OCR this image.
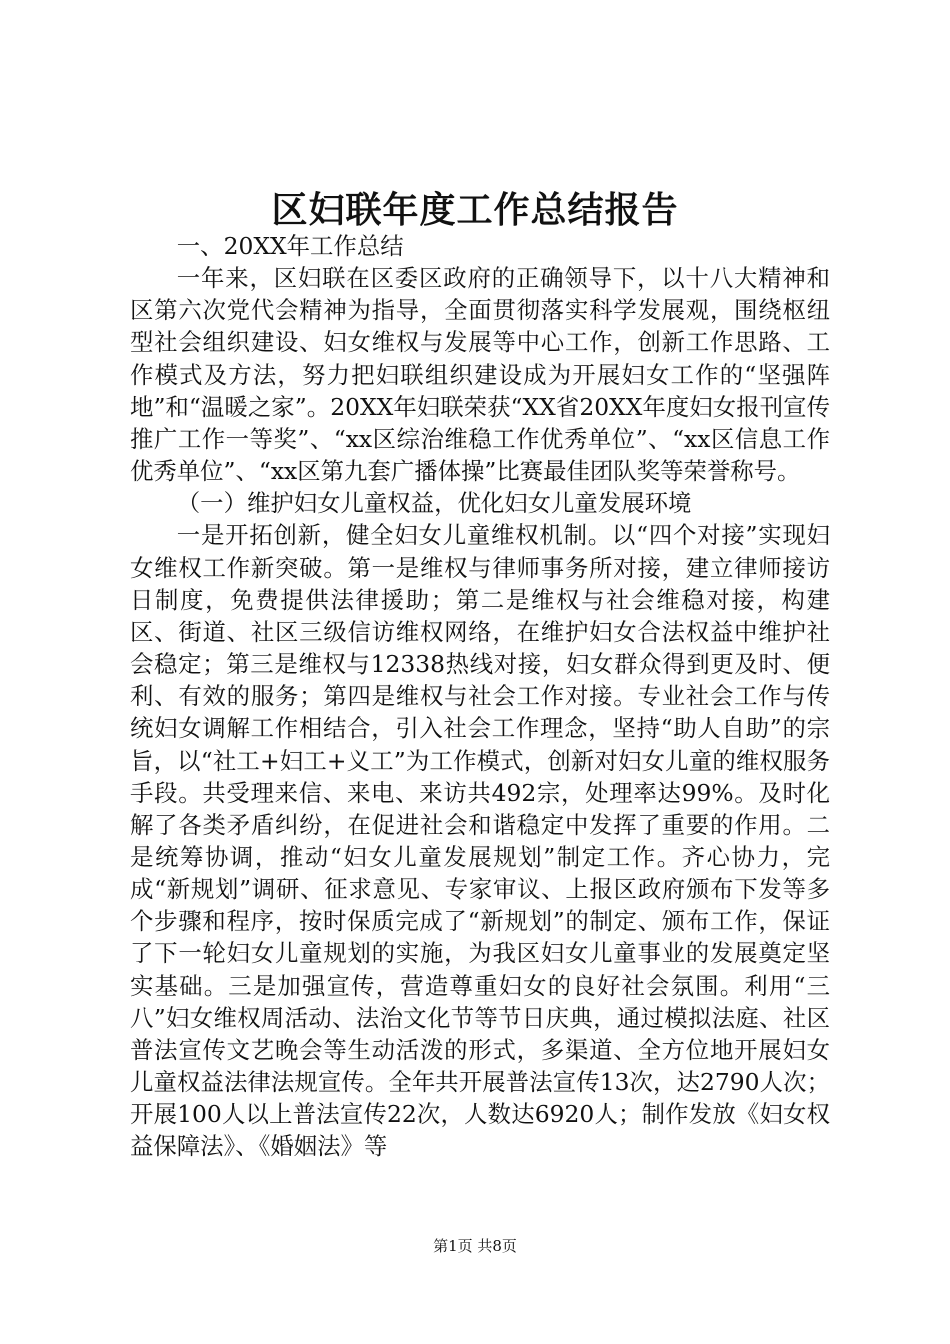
区妇联年度工作总结报告

一、20XX年工作总结

一年来，区妇联在区委区政府的正确领导下，以十八大精神和区第六次党代会精神为指导，全面贯彻落实科学发展观，围绕枢纽型社会组织建设、妇女维权与发展等中心工作，创新工作思路、工作模式及方法，努力把妇联组织建设成为开展妇女工作的“坚强阵地”和“温暖之家”。20XX年妇联荣获“XX省20XX年度妇女报刊宣传推广工作一等奖”、“xx区综治维稳工作优秀单位”、“xx区信息工作优秀单位”、“xx区第九套广播体操”比赛最佳团队奖等荣誉称号。

（一）维护妇女儿童权益，优化妇女儿童发展环境

一是开拓创新，健全妇女儿童维权机制。以“四个对接”实现妇女维权工作新突破。第一是维权与律师事务所对接，建立律师接访日制度，免费提供法律援助；第二是维权与社会维稳对接，构建区、街道、社区三级信访维权网络，在维护妇女合法权益中维护社会稳定；第三是维权与12338热线对接，妇女群众得到更及时、便利、有效的服务；第四是维权与社会工作对接。专业社会工作与传统妇女调解工作相结合，引入社会工作理念，坚持“助人自助”的宗旨，以“社工+妇工+义工”为工作模式，创新对妇女儿童的维权服务手段。共受理来信、来电、来访共492宗，处理率达99%。及时化解了各类矛盾纠纷，在促进社会和谐稳定中发挥了重要的作用。二是统筹协调，推动“妇女儿童发展规划”制定工作。齐心协力，完成“新规划”调研、征求意见、专家审议、上报区政府颁布下发等多个步骤和程序，按时保质完成了“新规划”的制定、颁布工作，保证了下一轮妇女儿童规划的实施，为我区妇女儿童事业的发展奠定坚实基础。三是加强宣传，营造尊重妇女的良好社会氛围。利用“三八”妇女维权周活动、法治文化节等节日庆典，通过模拟法庭、社区普法宣传文艺晚会等生动活泼的形式，多渠道、全方位地开展妇女儿童权益法律法规宣传。全年共开展普法宣传13次，达2790人次；开展100人以上普法宣传22次，人数达6920人；制作发放《妇女权益保障法》、《婚姻法》等

第1页 共8页
